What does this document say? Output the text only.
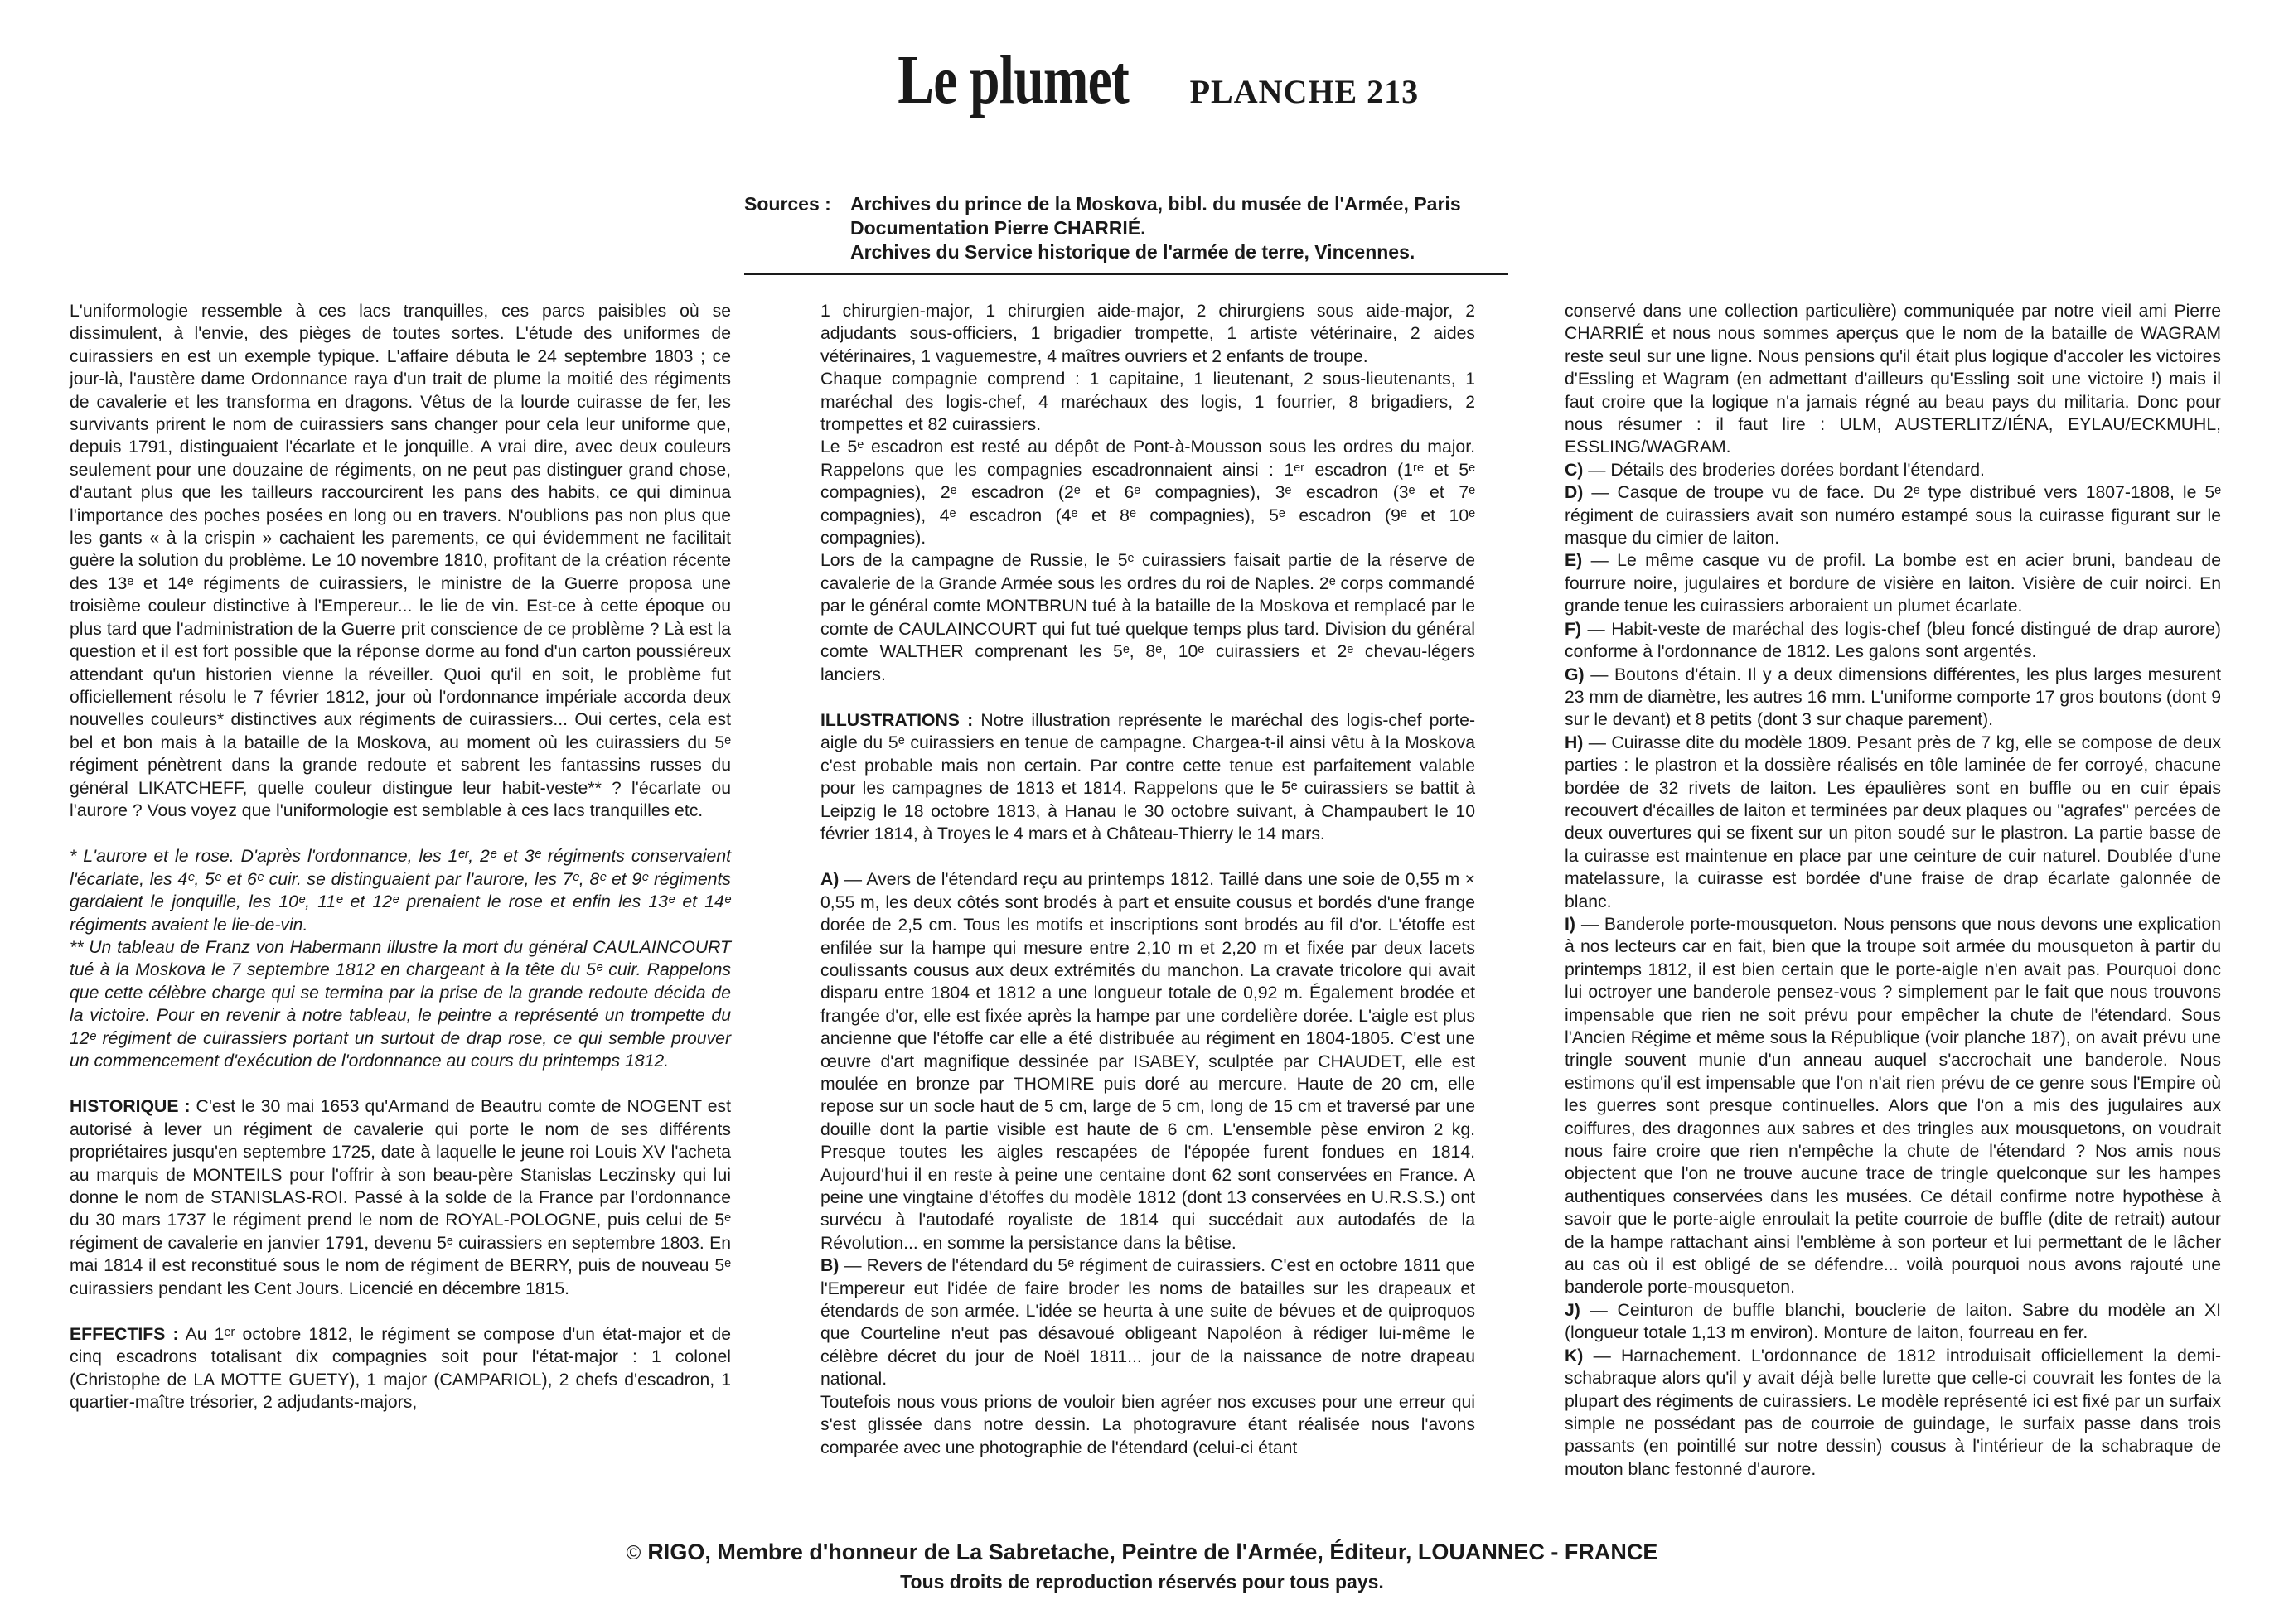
Le plumet PLANCHE 213
Sources :	Archives du prince de la Moskova, bibl. du musée de l'Armée, Paris
Documentation Pierre CHARRIÉ.
Archives du Service historique de l'armée de terre, Vincennes.

L'uniformologie ressemble à ces lacs tranquilles, ces parcs paisibles où se dissimulent, à l'envie, des pièges de toutes sortes. L'étude des uniformes de cuirassiers en est un exemple typique. L'affaire débuta le 24 septembre 1803 ; ce jour-là, l'austère dame Ordonnance raya d'un trait de plume la moitié des régiments de cavalerie et les transforma en dragons. Vêtus de la lourde cuirasse de fer, les survivants prirent le nom de cuirassiers sans changer pour cela leur uniforme que, depuis 1791, distinguaient l'écarlate et le jonquille. A vrai dire, avec deux couleurs seulement pour une douzaine de régiments, on ne peut pas distinguer grand chose, d'autant plus que les tailleurs raccourcirent les pans des habits, ce qui diminua l'importance des poches posées en long ou en travers. N'oublions pas non plus que les gants « à la crispin » cachaient les parements, ce qui évidemment ne facilitait guère la solution du problème. Le 10 novembre 1810, profitant de la création récente des 13ᵉ et 14ᵉ régiments de cuirassiers, le ministre de la Guerre proposa une troisième couleur distinctive à l'Empereur... le lie de vin. Est-ce à cette époque ou plus tard que l'administration de la Guerre prit conscience de ce problème ? Là est la question et il est fort possible que la réponse dorme au fond d'un carton poussiéreux attendant qu'un historien vienne la réveiller. Quoi qu'il en soit, le problème fut officiellement résolu le 7 février 1812, jour où l'ordonnance impériale accorda deux nouvelles couleurs* distinctives aux régiments de cuirassiers... Oui certes, cela est bel et bon mais à la bataille de la Moskova, au moment où les cuirassiers du 5ᵉ régiment pénètrent dans la grande redoute et sabrent les fantassins russes du général LIKATCHEFF, quelle couleur distingue leur habit-veste** ? l'écarlate ou l'aurore ? Vous voyez que l'uniformologie est semblable à ces lacs tranquilles etc.

* L'aurore et le rose. D'après l'ordonnance, les 1ᵉʳ, 2ᵉ et 3ᵉ régiments conservaient l'écarlate, les 4ᵉ, 5ᵉ et 6ᵉ cuir. se distinguaient par l'aurore, les 7ᵉ, 8ᵉ et 9ᵉ régiments gardaient le jonquille, les 10ᵉ, 11ᵉ et 12ᵉ prenaient le rose et enfin les 13ᵉ et 14ᵉ régiments avaient le lie-de-vin.

** Un tableau de Franz von Habermann illustre la mort du général CAULAINCOURT tué à la Moskova le 7 septembre 1812 en chargeant à la tête du 5ᵉ cuir. Rappelons que cette célèbre charge qui se termina par la prise de la grande redoute décida de la victoire. Pour en revenir à notre tableau, le peintre a représenté un trompette du 12ᵉ régiment de cuirassiers portant un surtout de drap rose, ce qui semble prouver un commencement d'exécution de l'ordonnance au cours du printemps 1812.

HISTORIQUE : C'est le 30 mai 1653 qu'Armand de Beautru comte de NOGENT est autorisé à lever un régiment de cavalerie qui porte le nom de ses différents propriétaires jusqu'en septembre 1725, date à laquelle le jeune roi Louis XV l'acheta au marquis de MONTEILS pour l'offrir à son beau-père Stanislas Leczinsky qui lui donne le nom de STANISLAS-ROI. Passé à la solde de la France par l'ordonnance du 30 mars 1737 le régiment prend le nom de ROYAL-POLOGNE, puis celui de 5ᵉ régiment de cavalerie en janvier 1791, devenu 5ᵉ cuirassiers en septembre 1803. En mai 1814 il est reconstitué sous le nom de régiment de BERRY, puis de nouveau 5ᵉ cuirassiers pendant les Cent Jours. Licencié en décembre 1815.

EFFECTIFS : Au 1ᵉʳ octobre 1812, le régiment se compose d'un état-major et de cinq escadrons totalisant dix compagnies soit pour l'état-major : 1 colonel (Christophe de LA MOTTE GUETY), 1 major (CAMPARIOL), 2 chefs d'escadron, 1 quartier-maître trésorier, 2 adjudants-majors,

1 chirurgien-major, 1 chirurgien aide-major, 2 chirurgiens sous aide-major, 2 adjudants sous-officiers, 1 brigadier trompette, 1 artiste vétérinaire, 2 aides vétérinaires, 1 vaguemestre, 4 maîtres ouvriers et 2 enfants de troupe.

Chaque compagnie comprend : 1 capitaine, 1 lieutenant, 2 sous-lieutenants, 1 maréchal des logis-chef, 4 maréchaux des logis, 1 fourrier, 8 brigadiers, 2 trompettes et 82 cuirassiers.

Le 5ᵉ escadron est resté au dépôt de Pont-à-Mousson sous les ordres du major. Rappelons que les compagnies escadronnaient ainsi : 1ᵉʳ escadron (1ʳᵉ et 5ᵉ compagnies), 2ᵉ escadron (2ᵉ et 6ᵉ compagnies), 3ᵉ escadron (3ᵉ et 7ᵉ compagnies), 4ᵉ escadron (4ᵉ et 8ᵉ compagnies), 5ᵉ escadron (9ᵉ et 10ᵉ compagnies).

Lors de la campagne de Russie, le 5ᵉ cuirassiers faisait partie de la réserve de cavalerie de la Grande Armée sous les ordres du roi de Naples. 2ᵉ corps commandé par le général comte MONTBRUN tué à la bataille de la Moskova et remplacé par le comte de CAULAINCOURT qui fut tué quelque temps plus tard. Division du général comte WALTHER comprenant les 5ᵉ, 8ᵉ, 10ᵉ cuirassiers et 2ᵉ chevau-légers lanciers.

ILLUSTRATIONS : Notre illustration représente le maréchal des logis-chef porte-aigle du 5ᵉ cuirassiers en tenue de campagne. Chargea-t-il ainsi vêtu à la Moskova c'est probable mais non certain. Par contre cette tenue est parfaitement valable pour les campagnes de 1813 et 1814. Rappelons que le 5ᵉ cuirassiers se battit à Leipzig le 18 octobre 1813, à Hanau le 30 octobre suivant, à Champaubert le 10 février 1814, à Troyes le 4 mars et à Château-Thierry le 14 mars.

A) — Avers de l'étendard reçu au printemps 1812. Taillé dans une soie de 0,55 m × 0,55 m, les deux côtés sont brodés à part et ensuite cousus et bordés d'une frange dorée de 2,5 cm. Tous les motifs et inscriptions sont brodés au fil d'or. L'étoffe est enfilée sur la hampe qui mesure entre 2,10 m et 2,20 m et fixée par deux lacets coulissants cousus aux deux extrémités du manchon. La cravate tricolore qui avait disparu entre 1804 et 1812 a une longueur totale de 0,92 m. Également brodée et frangée d'or, elle est fixée après la hampe par une cordelière dorée. L'aigle est plus ancienne que l'étoffe car elle a été distribuée au régiment en 1804-1805. C'est une œuvre d'art magnifique dessinée par ISABEY, sculptée par CHAUDET, elle est moulée en bronze par THOMIRE puis doré au mercure. Haute de 20 cm, elle repose sur un socle haut de 5 cm, large de 5 cm, long de 15 cm et traversé par une douille dont la partie visible est haute de 6 cm. L'ensemble pèse environ 2 kg. Presque toutes les aigles rescapées de l'épopée furent fondues en 1814. Aujourd'hui il en reste à peine une centaine dont 62 sont conservées en France. A peine une vingtaine d'étoffes du modèle 1812 (dont 13 conservées en U.R.S.S.) ont survécu à l'autodafé royaliste de 1814 qui succédait aux autodafés de la Révolution... en somme la persistance dans la bêtise.

B) — Revers de l'étendard du 5ᵉ régiment de cuirassiers. C'est en octobre 1811 que l'Empereur eut l'idée de faire broder les noms de batailles sur les drapeaux et étendards de son armée. L'idée se heurta à une suite de bévues et de quiproquos que Courteline n'eut pas désavoué obligeant Napoléon à rédiger lui-même le célèbre décret du jour de Noël 1811... jour de la naissance de notre drapeau national.

Toutefois nous vous prions de vouloir bien agréer nos excuses pour une erreur qui s'est glissée dans notre dessin. La photogravure étant réalisée nous l'avons comparée avec une photographie de l'étendard (celui-ci étant

conservé dans une collection particulière) communiquée par notre vieil ami Pierre CHARRIÉ et nous nous sommes aperçus que le nom de la bataille de WAGRAM reste seul sur une ligne. Nous pensions qu'il était plus logique d'accoler les victoires d'Essling et Wagram (en admettant d'ailleurs qu'Essling soit une victoire !) mais il faut croire que la logique n'a jamais régné au beau pays du militaria. Donc pour nous résumer : il faut lire : ULM, AUSTERLITZ/IÉNA, EYLAU/ECKMUHL, ESSLING/WAGRAM.

C) — Détails des broderies dorées bordant l'étendard.

D) — Casque de troupe vu de face. Du 2ᵉ type distribué vers 1807-1808, le 5ᵉ régiment de cuirassiers avait son numéro estampé sous la cuirasse figurant sur le masque du cimier de laiton.

E) — Le même casque vu de profil. La bombe est en acier bruni, bandeau de fourrure noire, jugulaires et bordure de visière en laiton. Visière de cuir noirci. En grande tenue les cuirassiers arboraient un plumet écarlate.

F) — Habit-veste de maréchal des logis-chef (bleu foncé distingué de drap aurore) conforme à l'ordonnance de 1812. Les galons sont argentés.

G) — Boutons d'étain. Il y a deux dimensions différentes, les plus larges mesurent 23 mm de diamètre, les autres 16 mm. L'uniforme comporte 17 gros boutons (dont 9 sur le devant) et 8 petits (dont 3 sur chaque parement).

H) — Cuirasse dite du modèle 1809. Pesant près de 7 kg, elle se compose de deux parties : le plastron et la dossière réalisés en tôle laminée de fer corroyé, chacune bordée de 32 rivets de laiton. Les épaulières sont en buffle ou en cuir épais recouvert d'écailles de laiton et terminées par deux plaques ou ''agrafes'' percées de deux ouvertures qui se fixent sur un piton soudé sur le plastron. La partie basse de la cuirasse est maintenue en place par une ceinture de cuir naturel. Doublée d'une matelassure, la cuirasse est bordée d'une fraise de drap écarlate galonnée de blanc.

I) — Banderole porte-mousqueton. Nous pensons que nous devons une explication à nos lecteurs car en fait, bien que la troupe soit armée du mousqueton à partir du printemps 1812, il est bien certain que le porte-aigle n'en avait pas. Pourquoi donc lui octroyer une banderole pensez-vous ? simplement par le fait que nous trouvons impensable que rien ne soit prévu pour empêcher la chute de l'étendard. Sous l'Ancien Régime et même sous la République (voir planche 187), on avait prévu une tringle souvent munie d'un anneau auquel s'accrochait une banderole. Nous estimons qu'il est impensable que l'on n'ait rien prévu de ce genre sous l'Empire où les guerres sont presque continuelles. Alors que l'on a mis des jugulaires aux coiffures, des dragonnes aux sabres et des tringles aux mousquetons, on voudrait nous faire croire que rien n'empêche la chute de l'étendard ? Nos amis nous objectent que l'on ne trouve aucune trace de tringle quelconque sur les hampes authentiques conservées dans les musées. Ce détail confirme notre hypothèse à savoir que le porte-aigle enroulait la petite courroie de buffle (dite de retrait) autour de la hampe rattachant ainsi l'emblème à son porteur et lui permettant de le lâcher au cas où il est obligé de se défendre... voilà pourquoi nous avons rajouté une banderole porte-mousqueton.

J) — Ceinturon de buffle blanchi, bouclerie de laiton. Sabre du modèle an XI (longueur totale 1,13 m environ). Monture de laiton, fourreau en fer.

K) — Harnachement. L'ordonnance de 1812 introduisait officiellement la demi-schabraque alors qu'il y avait déjà belle lurette que celle-ci couvrait les fontes de la plupart des régiments de cuirassiers. Le modèle représenté ici est fixé par un surfaix simple ne possédant pas de courroie de guindage, le surfaix passe dans trois passants (en pointillé sur notre dessin) cousus à l'intérieur de la schabraque de mouton blanc festonné d'aurore.

© RIGO, Membre d'honneur de La Sabretache, Peintre de l'Armée, Éditeur, LOUANNEC - FRANCE
Tous droits de reproduction réservés pour tous pays.
